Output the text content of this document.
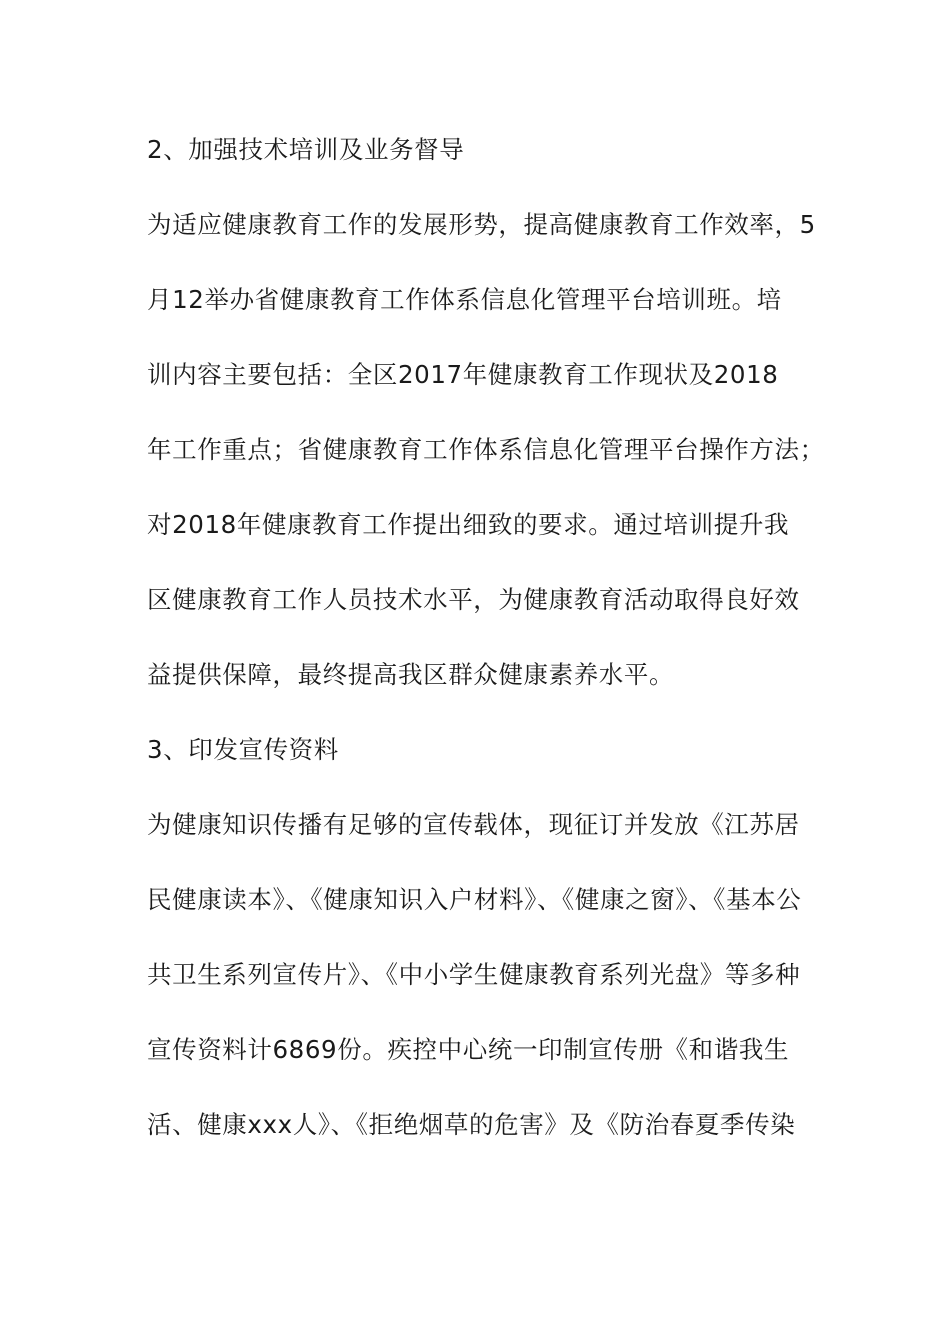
2、加强技术培训及业务督导
为适应健康教育工作的发展形势，提高健康教育工作效率，5
月12举办省健康教育工作体系信息化管理平台培训班。培
训内容主要包括：全区2017年健康教育工作现状及2018
年工作重点；省健康教育工作体系信息化管理平台操作方法；
对2018年健康教育工作提出细致的要求。通过培训提升我
区健康教育工作人员技术水平，为健康教育活动取得良好效
益提供保障，最终提高我区群众健康素养水平。
3、印发宣传资料
为健康知识传播有足够的宣传载体，现征订并发放《江苏居
民健康读本》、《健康知识入户材料》、《健康之窗》、《基本公
共卫生系列宣传片》、《中小学生健康教育系列光盘》等多种
宣传资料计6869份。疾控中心统一印制宣传册《和谐我生
活、健康xxx人》、《拒绝烟草的危害》及《防治春夏季传染
